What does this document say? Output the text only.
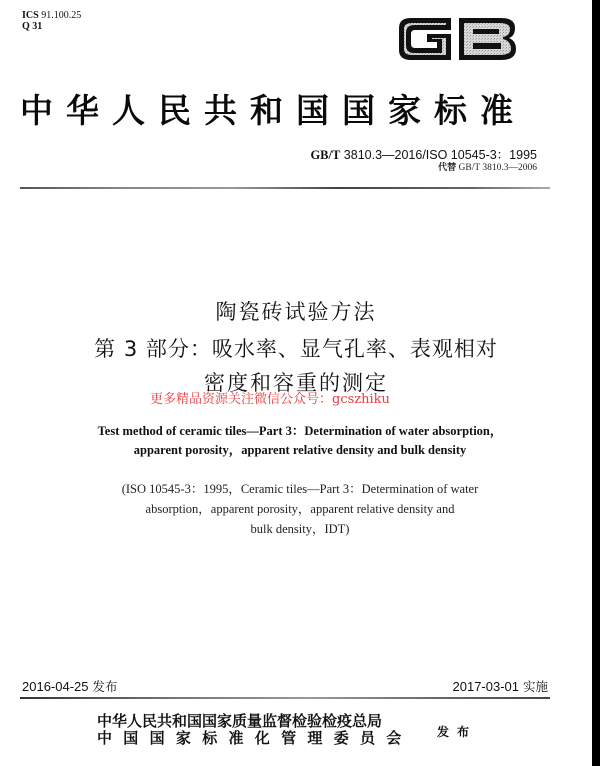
ICS 91.100.25
Q 31
中华人民共和国国家标准
GB/T 3810.3—2016/ISO 10545-3：1995
代替 GB/T 3810.3—2006
陶瓷砖试验方法
第 3 部分：吸水率、显气孔率、表观相对
密度和容重的测定
更多精品资源关注微信公众号：gcszhiku
Test method of ceramic tiles—Part 3：Determination of water absorption，
apparent porosity，apparent relative density and bulk density
(ISO 10545-3：1995，Ceramic tiles—Part 3：Determination of water
absorption，apparent porosity，apparent relative density and
bulk density，IDT)
2016-04-25 发布	2017-03-01 实施
中华人民共和国国家质量监督检验检疫总局
中国国家标准化管理委员会 发布
